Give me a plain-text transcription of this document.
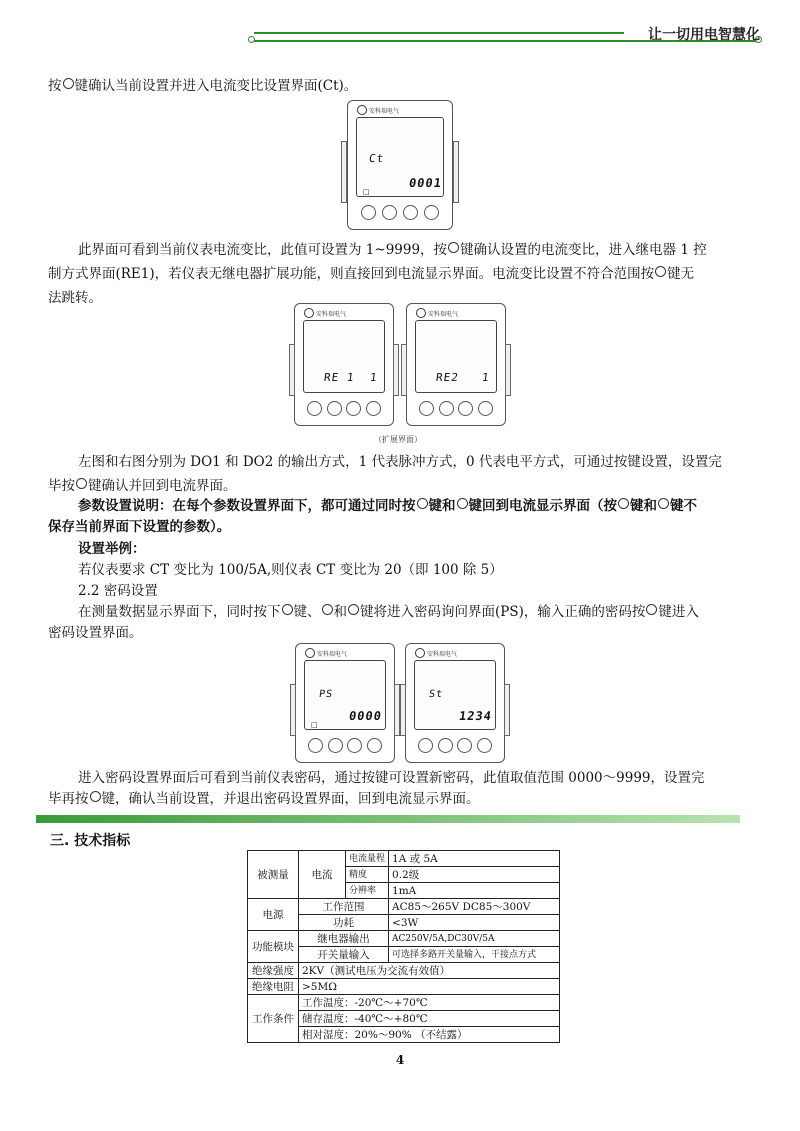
让一切用电智慧化

按 键确认当前设置并进入电流变比设置界面(Ct)。

安科瑞电气
Ct
0001
□

此界面可看到当前仪表电流变比，此值可设置为 1~9999，按 键确认设置的电流变比，进入继电器 1 控

制方式界面(RE1)，若仪表无继电器扩展功能，则直接回到电流显示界面。电流变比设置不符合范围按 键无

法跳转。

安科瑞电气
RE 1 1
安科瑞电气
RE2 1
（扩展界面）

左图和右图分别为 DO1 和 DO2 的输出方式，1 代表脉冲方式，0 代表电平方式，可通过按键设置，设置完

毕按 键确认并回到电流界面。

参数设置说明：在每个参数设置界面下，都可通过同时按 键和 键回到电流显示界面（按 键和 键不

保存当前界面下设置的参数）。

设置举例：

若仪表要求 CT 变比为 100/5A,则仪表 CT 变比为 20（即 100 除 5）

2.2 密码设置

在测量数据显示界面下，同时按下 键、 和 键将进入密码询问界面(PS)，输入正确的密码按 键进入

密码设置界面。

安科瑞电气
PS
0000
□
安科瑞电气
St
1234

进入密码设置界面后可看到当前仪表密码，通过按键可设置新密码，此值取值范围 0000～9999，设置完

毕再按 键，确认当前设置，并退出密码设置界面，回到电流显示界面。

三. 技术指标
被测量	电流	电流量程	1A 或 5A
		精度	0.2级
		分辨率	1mA
电源	工作范围		AC85～265V DC85～300V
	功耗		<3W
功能模块	继电器输出		AC250V/5A,DC30V/5A
	开关量输入		可选择多路开关量输入，干接点方式
绝缘强度	2KV（测试电压为交流有效值）		
绝缘电阻	>5MΩ		
工作条件	工作温度：-20℃～+70℃		
	储存温度：-40℃～+80℃		
	相对湿度：20%～90% （不结露）		
4
